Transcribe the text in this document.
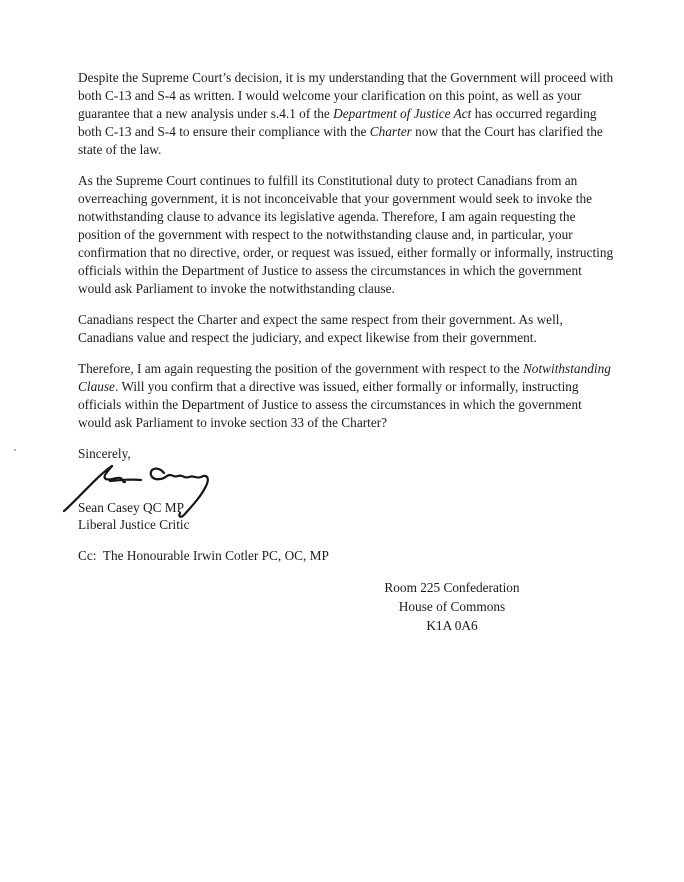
Despite the Supreme Court’s decision, it is my understanding that the Government will proceed with both C-13 and S-4 as written. I would welcome your clarification on this point, as well as your guarantee that a new analysis under s.4.1 of the Department of Justice Act has occurred regarding both C-13 and S-4 to ensure their compliance with the Charter now that the Court has clarified the state of the law.

As the Supreme Court continues to fulfill its Constitutional duty to protect Canadians from an overreaching government, it is not inconceivable that your government would seek to invoke the notwithstanding clause to advance its legislative agenda. Therefore, I am again requesting the position of the government with respect to the notwithstanding clause and, in particular, your confirmation that no directive, order, or request was issued, either formally or informally, instructing officials within the Department of Justice to assess the circumstances in which the government would ask Parliament to invoke the notwithstanding clause.

Canadians respect the Charter and expect the same respect from their government. As well, Canadians value and respect the judiciary, and expect likewise from their government.

Therefore, I am again requesting the position of the government with respect to the Notwithstanding Clause. Will you confirm that a directive was issued, either formally or informally, instructing officials within the Department of Justice to assess the circumstances in which the government would ask Parliament to invoke section 33 of the Charter?

Sincerely,
Sean Casey QC MP
Liberal Justice Critic
Cc:  The Honourable Irwin Cotler PC, OC, MP
Room 225 Confederation
House of Commons
K1A 0A6
